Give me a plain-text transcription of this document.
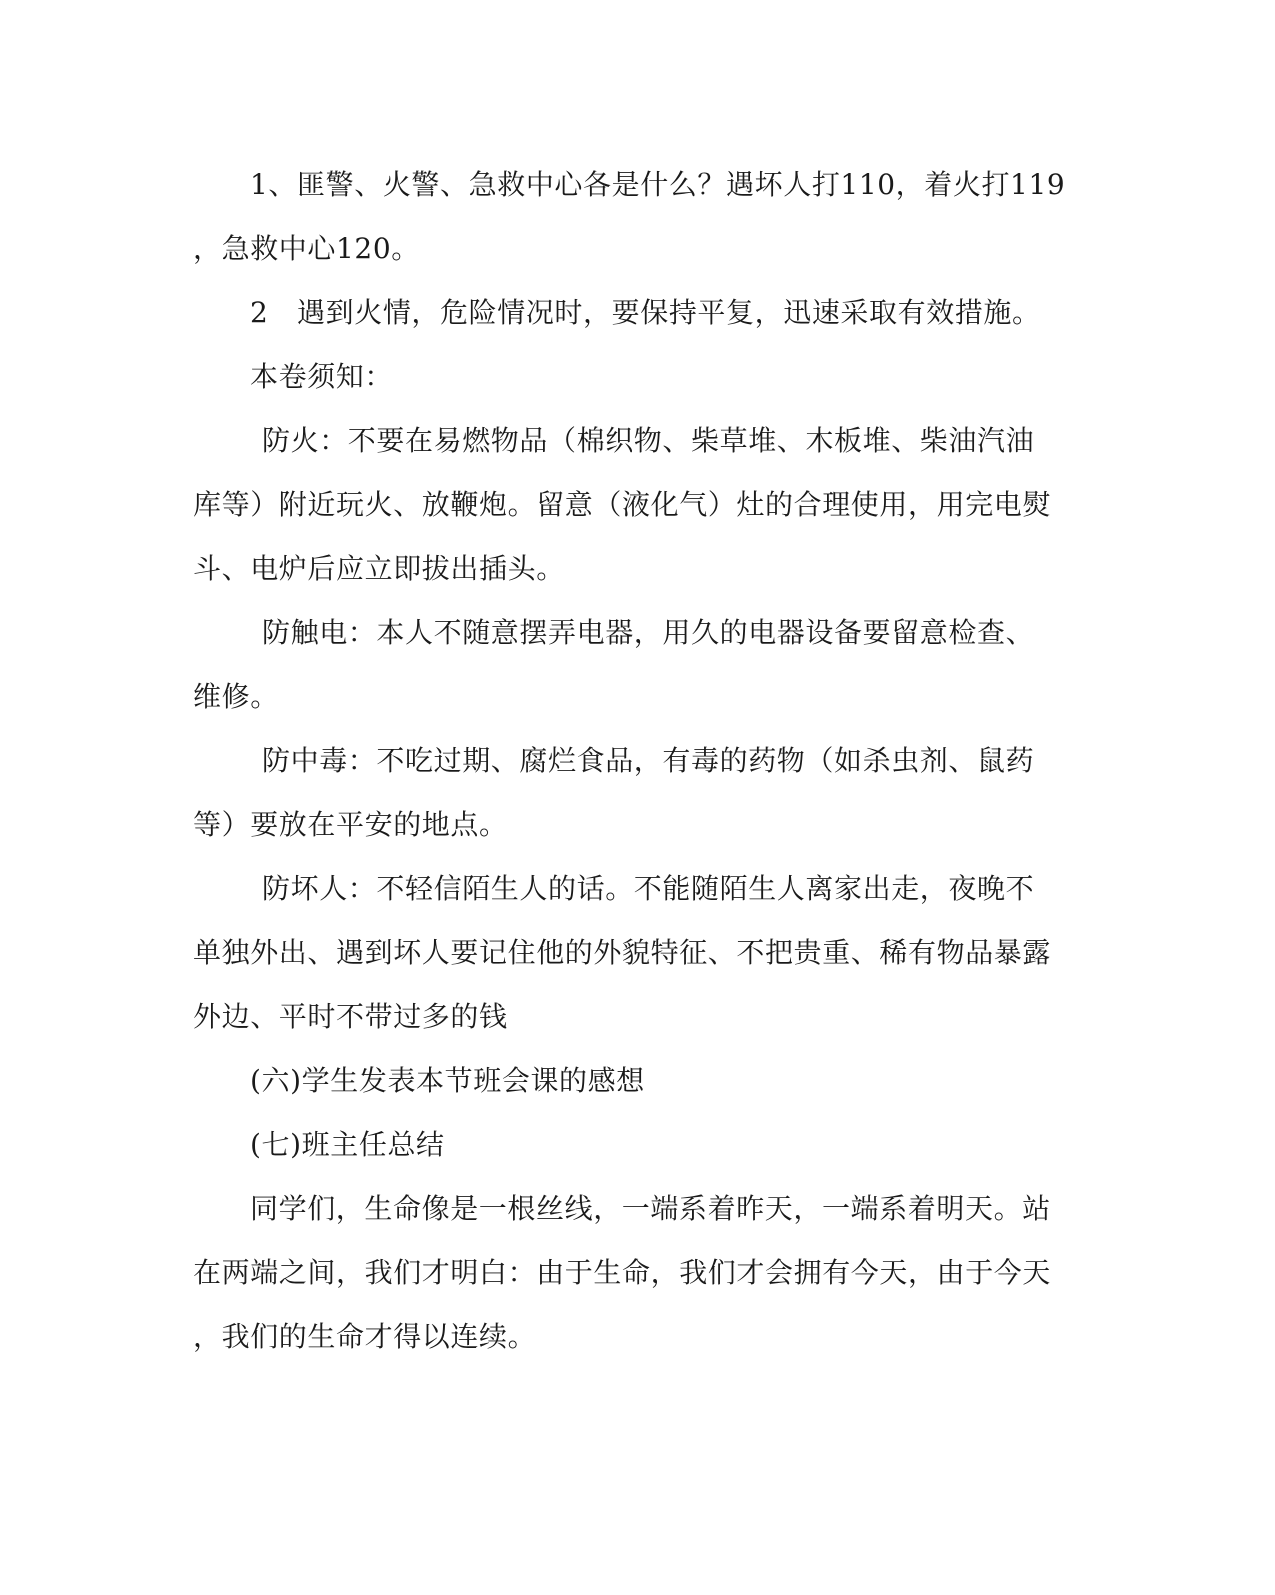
1、匪警、火警、急救中心各是什么？遇坏人打110，着火打119
，急救中心120。
2　遇到火情，危险情况时，要保持平复，迅速采取有效措施。
本卷须知：
防火：不要在易燃物品（棉织物、柴草堆、木板堆、柴油汽油
库等）附近玩火、放鞭炮。留意（液化气）灶的合理使用，用完电熨
斗、电炉后应立即拔出插头。
防触电：本人不随意摆弄电器，用久的电器设备要留意检查、
维修。
防中毒：不吃过期、腐烂食品，有毒的药物（如杀虫剂、鼠药
等）要放在平安的地点。
防坏人：不轻信陌生人的话。不能随陌生人离家出走，夜晚不
单独外出、遇到坏人要记住他的外貌特征、不把贵重、稀有物品暴露
外边、平时不带过多的钱
(六)学生发表本节班会课的感想
(七)班主任总结
同学们，生命像是一根丝线，一端系着昨天，一端系着明天。站
在两端之间，我们才明白：由于生命，我们才会拥有今天，由于今天
，我们的生命才得以连续。
